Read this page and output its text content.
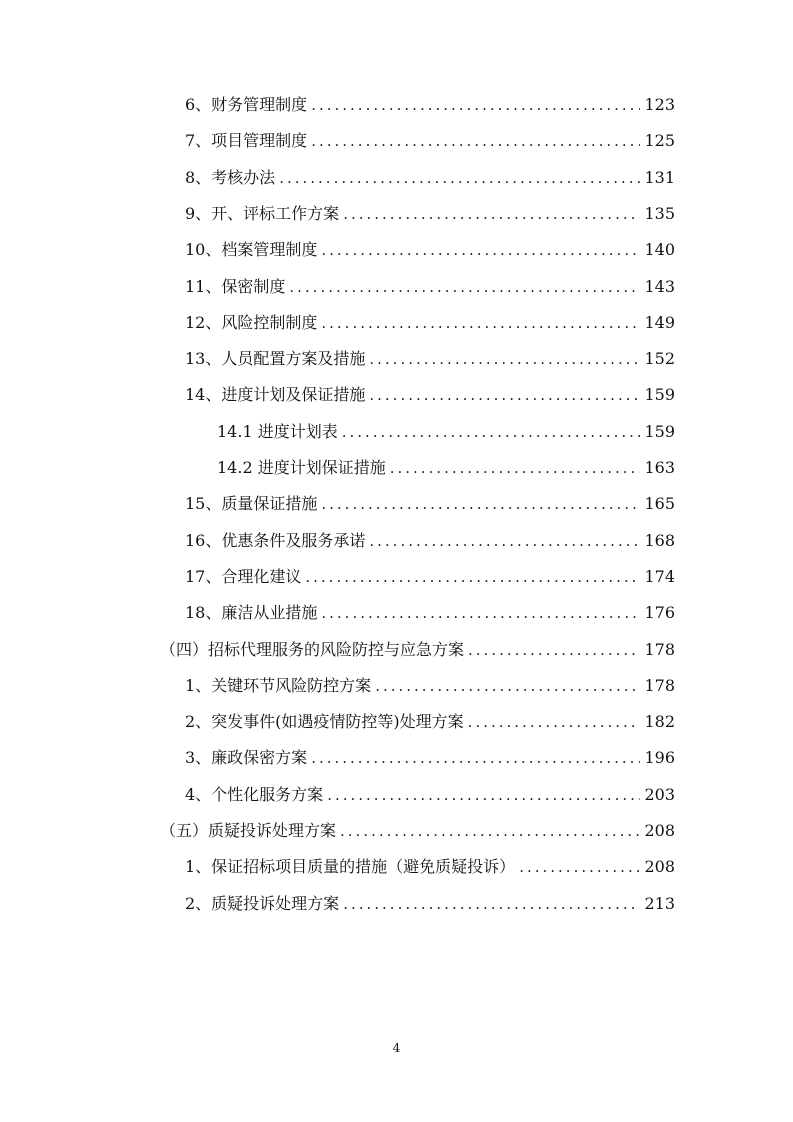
6、财务管理制度 .....	123
7、项目管理制度 .....	125
8、考核办法 .....	131
9、开、评标工作方案 .....	135
10、档案管理制度 .....	140
11、保密制度 .....	143
12、风险控制制度 .....	149
13、人员配置方案及措施 .....	152
14、进度计划及保证措施 .....	159
14.1 进度计划表 .....	159
14.2 进度计划保证措施 .....	163
15、质量保证措施 .....	165
16、优惠条件及服务承诺 .....	168
17、合理化建议 .....	174
18、廉洁从业措施 .....	176
（四）招标代理服务的风险防控与应急方案 .....	178
1、关键环节风险防控方案 .....	178
2、突发事件(如遇疫情防控等)处理方案 .....	182
3、廉政保密方案 .....	196
4、个性化服务方案 .....	203
（五）质疑投诉处理方案 .....	208
1、保证招标项目质量的措施（避免质疑投诉） .....	208
2、质疑投诉处理方案 .....	213
4
